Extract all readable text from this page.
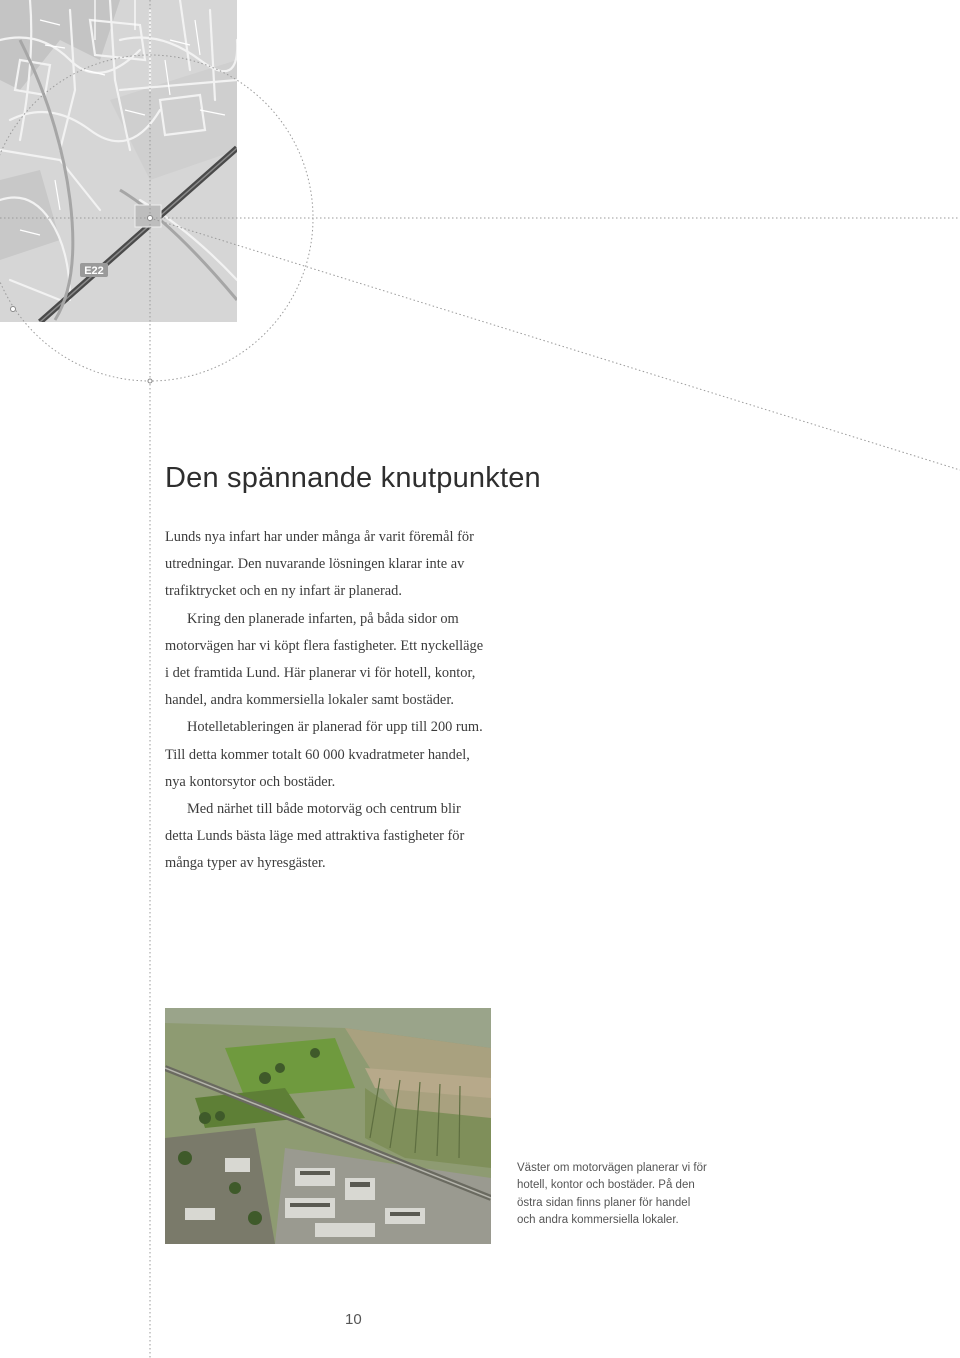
E22
Den spännande knutpunkten

Lunds nya infart har under många år varit föremål för
utredningar. Den nuvarande lösningen klarar inte av
trafiktrycket och en ny infart är planerad.

Kring den planerade infarten, på båda sidor om
motorvägen har vi köpt flera fastigheter. Ett nyckelläge
i det framtida Lund. Här planerar vi för hotell, kontor,
handel, andra kommersiella lokaler samt bostäder.

Hotelletableringen är planerad för upp till 200 rum.
Till detta kommer totalt 60 000 kvadratmeter handel,
nya kontorsytor och bostäder.

Med närhet till både motorväg och centrum blir
detta Lunds bästa läge med attraktiva fastigheter för
många typer av hyresgäster.

Väster om motorvägen planerar vi för
hotell, kontor och bostäder. På den
östra sidan finns planer för handel
och andra kommersiella lokaler.
10
